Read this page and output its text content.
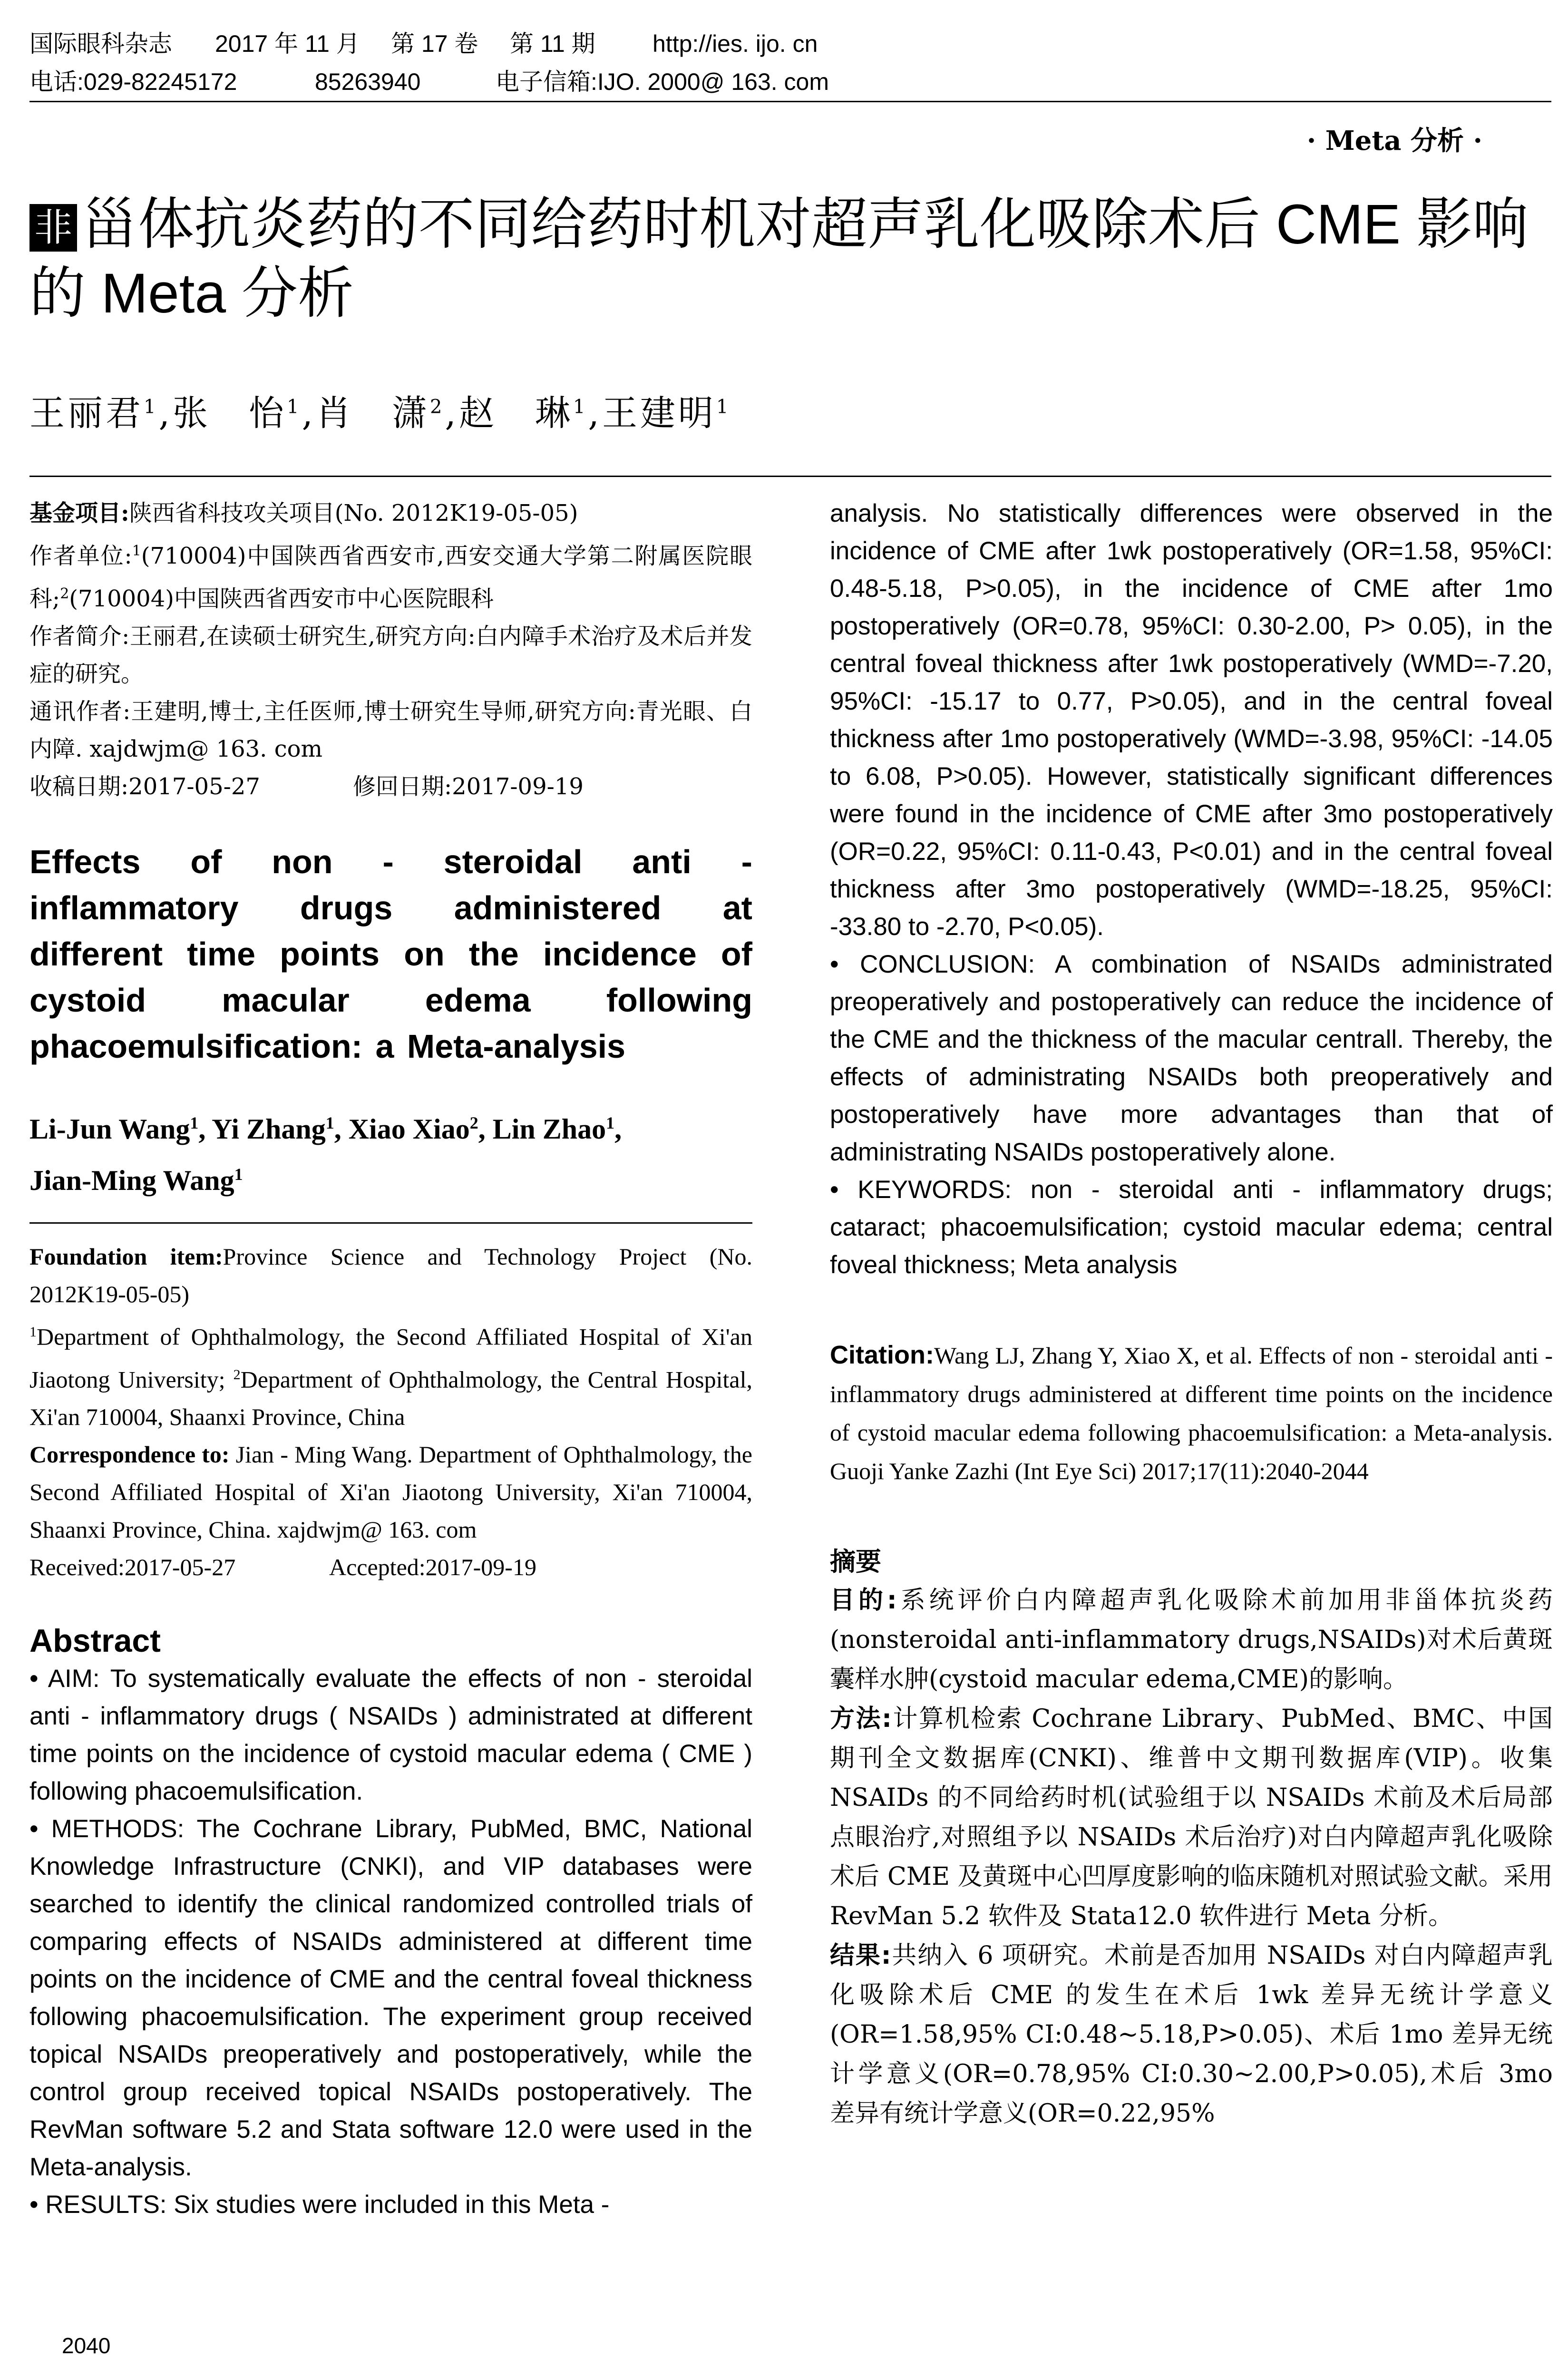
国际眼科杂志 2017 年 11 月 第 17 卷 第 11 期 http://ies. ijo. cn
电话:029-82245172	85263940	电子信箱:IJO. 2000@ 163. com
· Meta 分析 ·
非 甾体抗炎药的不同给药时机对超声乳化吸除术后 CME 影响的 Meta 分析
王丽君$^1$,张　怡$^1$,肖　潇$^2$,赵　琳$^1$,王建明$^1$
基金项目:陕西省科技攻关项目(No. 2012K19-05-05)
作者单位:$^1$(710004)中国陕西省西安市,西安交通大学第二附属医院眼科;$^2$(710004)中国陕西省西安市中心医院眼科
作者简介:王丽君,在读硕士研究生,研究方向:白内障手术治疗及术后并发症的研究。
通讯作者:王建明,博士,主任医师,博士研究生导师,研究方向:青光眼、白内障. xajdwjm@ 163. com
收稿日期:2017-05-27	修回日期:2017-09-19
Effects of non - steroidal anti - inflammatory drugs administered at different time points on the incidence of cystoid macular edema following phacoemulsification: a Meta-analysis
Li-Jun Wang$^1$, Yi Zhang$^1$, Xiao Xiao$^2$, Lin Zhao$^1$,
Jian-Ming Wang$^1$
Foundation item:Province Science and Technology Project (No. 2012K19-05-05)
$^1$Department of Ophthalmology, the Second Affiliated Hospital of Xi'an Jiaotong University; $^2$Department of Ophthalmology, the Central Hospital, Xi'an 710004, Shaanxi Province, China
Correspondence to: Jian - Ming Wang. Department of Ophthalmology, the Second Affiliated Hospital of Xi'an Jiaotong University, Xi'an 710004, Shaanxi Province, China. xajdwjm@ 163. com
Received:2017-05-27	Accepted:2017-09-19
Abstract
• AIM: To systematically evaluate the effects of non - steroidal anti - inflammatory drugs ( NSAIDs ) administrated at different time points on the incidence of cystoid macular edema ( CME ) following phacoemulsification.
• METHODS: The Cochrane Library, PubMed, BMC, National Knowledge Infrastructure (CNKI), and VIP databases were searched to identify the clinical randomized controlled trials of comparing effects of NSAIDs administered at different time points on the incidence of CME and the central foveal thickness following phacoemulsification. The experiment group received topical NSAIDs preoperatively and postoperatively, while the control group received topical NSAIDs postoperatively. The RevMan software 5.2 and Stata software 12.0 were used in the Meta-analysis.
• RESULTS: Six studies were included in this Meta -
analysis. No statistically differences were observed in the incidence of CME after 1wk postoperatively (OR=1.58, 95%CI: 0.48-5.18, P>0.05), in the incidence of CME after 1mo postoperatively (OR=0.78, 95%CI: 0.30-2.00, P> 0.05), in the central foveal thickness after 1wk postoperatively (WMD=-7.20, 95%CI: -15.17 to 0.77, P>0.05), and in the central foveal thickness after 1mo postoperatively (WMD=-3.98, 95%CI: -14.05 to 6.08, P>0.05). However, statistically significant differences were found in the incidence of CME after 3mo postoperatively (OR=0.22, 95%CI: 0.11-0.43, P<0.01) and in the central foveal thickness after 3mo postoperatively (WMD=-18.25, 95%CI: -33.80 to -2.70, P<0.05).
• CONCLUSION: A combination of NSAIDs administrated preoperatively and postoperatively can reduce the incidence of the CME and the thickness of the macular centrall. Thereby, the effects of administrating NSAIDs both preoperatively and postoperatively have more advantages than that of administrating NSAIDs postoperatively alone.
• KEYWORDS: non - steroidal anti - inflammatory drugs; cataract; phacoemulsification; cystoid macular edema; central foveal thickness; Meta analysis
Citation:Wang LJ, Zhang Y, Xiao X, et al. Effects of non - steroidal anti - inflammatory drugs administered at different time points on the incidence of cystoid macular edema following phacoemulsification: a Meta-analysis. Guoji Yanke Zazhi (Int Eye Sci) 2017;17(11):2040-2044
摘要
目的:系统评价白内障超声乳化吸除术前加用非甾体抗炎药(nonsteroidal anti-inflammatory drugs,NSAIDs)对术后黄斑囊样水肿(cystoid macular edema,CME)的影响。
方法:计算机检索 Cochrane Library、PubMed、BMC、中国期刊全文数据库(CNKI)、维普中文期刊数据库(VIP)。收集 NSAIDs 的不同给药时机(试验组于以 NSAIDs 术前及术后局部点眼治疗,对照组予以 NSAIDs 术后治疗)对白内障超声乳化吸除术后 CME 及黄斑中心凹厚度影响的临床随机对照试验文献。采用 RevMan 5.2 软件及 Stata12.0 软件进行 Meta 分析。
结果:共纳入 6 项研究。术前是否加用 NSAIDs 对白内障超声乳化吸除术后 CME 的发生在术后 1wk 差异无统计学意义(OR=1.58,95% CI:0.48~5.18,P>0.05)、术后 1mo 差异无统计学意义(OR=0.78,95% CI:0.30~2.00,P>0.05),术后 3mo 差异有统计学意义(OR=0.22,95%
2040
